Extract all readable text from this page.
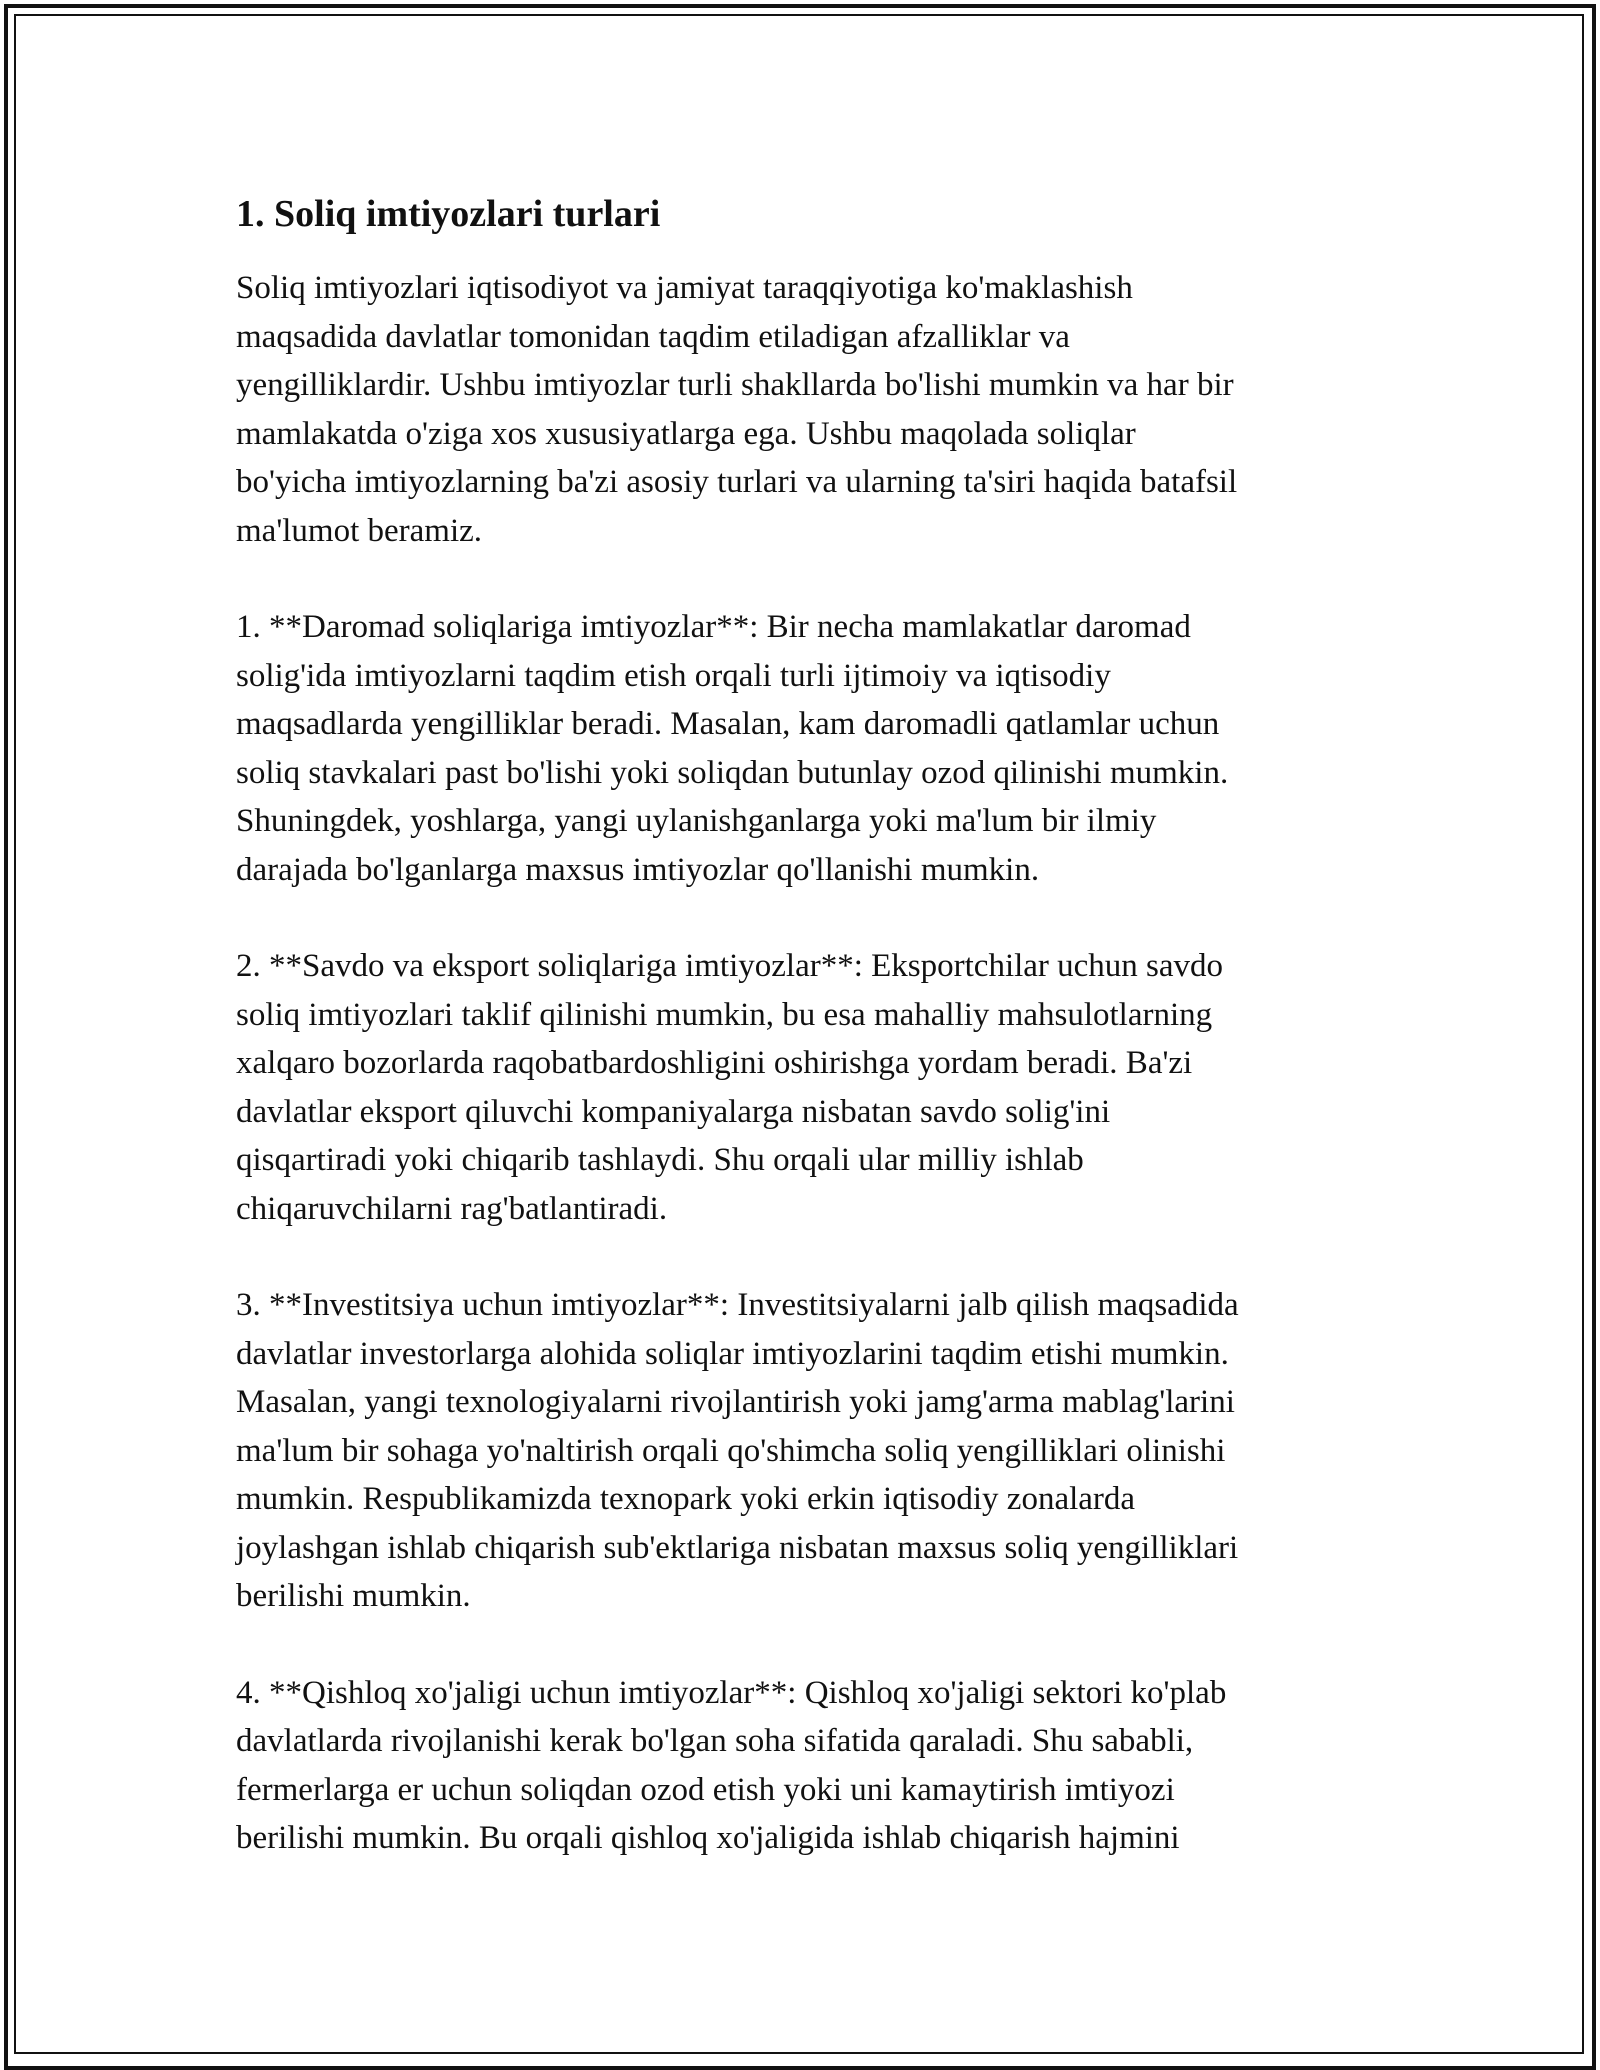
1. Soliq imtiyozlari turlari

Soliq imtiyozlari iqtisodiyot va jamiyat taraqqiyotiga ko'maklashish
maqsadida davlatlar tomonidan taqdim etiladigan afzalliklar va
yengilliklardir. Ushbu imtiyozlar turli shakllarda bo'lishi mumkin va har bir
mamlakatda o'ziga xos xususiyatlarga ega. Ushbu maqolada soliqlar
bo'yicha imtiyozlarning ba'zi asosiy turlari va ularning ta'siri haqida batafsil
ma'lumot beramiz.

1. **Daromad soliqlariga imtiyozlar**: Bir necha mamlakatlar daromad
solig'ida imtiyozlarni taqdim etish orqali turli ijtimoiy va iqtisodiy
maqsadlarda yengilliklar beradi. Masalan, kam daromadli qatlamlar uchun
soliq stavkalari past bo'lishi yoki soliqdan butunlay ozod qilinishi mumkin.
Shuningdek, yoshlarga, yangi uylanishganlarga yoki ma'lum bir ilmiy
darajada bo'lganlarga maxsus imtiyozlar qo'llanishi mumkin.

2. **Savdo va eksport soliqlariga imtiyozlar**: Eksportchilar uchun savdo
soliq imtiyozlari taklif qilinishi mumkin, bu esa mahalliy mahsulotlarning
xalqaro bozorlarda raqobatbardoshligini oshirishga yordam beradi. Ba'zi
davlatlar eksport qiluvchi kompaniyalarga nisbatan savdo solig'ini
qisqartiradi yoki chiqarib tashlaydi. Shu orqali ular milliy ishlab
chiqaruvchilarni rag'batlantiradi.

3. **Investitsiya uchun imtiyozlar**: Investitsiyalarni jalb qilish maqsadida
davlatlar investorlarga alohida soliqlar imtiyozlarini taqdim etishi mumkin.
Masalan, yangi texnologiyalarni rivojlantirish yoki jamg'arma mablag'larini
ma'lum bir sohaga yo'naltirish orqali qo'shimcha soliq yengilliklari olinishi
mumkin. Respublikamizda texnopark yoki erkin iqtisodiy zonalarda
joylashgan ishlab chiqarish sub'ektlariga nisbatan maxsus soliq yengilliklari
berilishi mumkin.

4. **Qishloq xo'jaligi uchun imtiyozlar**: Qishloq xo'jaligi sektori ko'plab
davlatlarda rivojlanishi kerak bo'lgan soha sifatida qaraladi. Shu sababli,
fermerlarga er uchun soliqdan ozod etish yoki uni kamaytirish imtiyozi
berilishi mumkin. Bu orqali qishloq xo'jaligida ishlab chiqarish hajmini
